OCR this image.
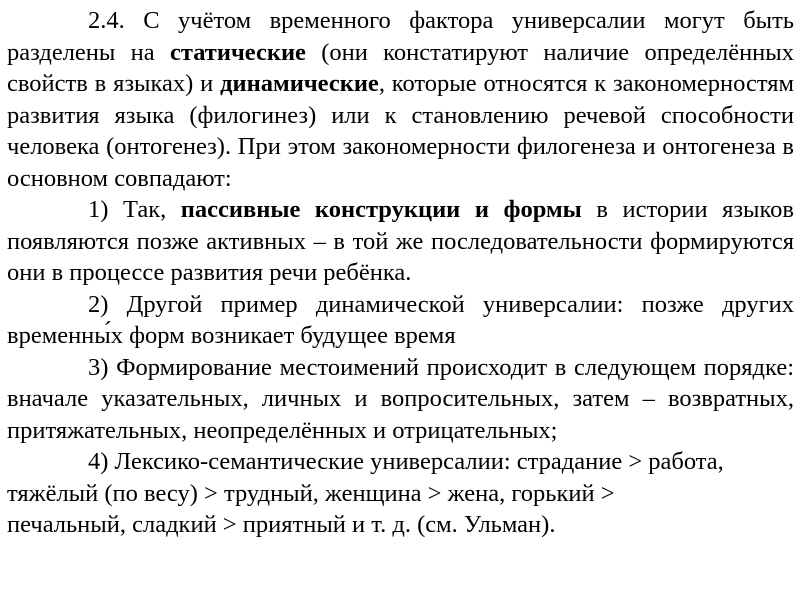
2.4. С учётом временного фактора универсалии могут быть разделены на статические (они констатируют наличие определённых свойств в языках) и динамические, которые относятся к закономерностям развития языка (филогинез) или к становлению речевой способности человека (онтогенез). При этом закономерности филогенеза и онтогенеза в основном совпадают:

1) Так, пассивные конструкции и формы в истории языков появляются позже активных – в той же последовательности формируются они в процессе развития речи ребёнка.

2) Другой пример динамической универсалии: позже других временны́х форм возникает будущее время

3) Формирование местоимений происходит в следующем порядке: вначале указательных, личных и вопросительных, затем – возвратных, притяжательных, неопределённых и отрицательных;

4) Лексико-семантические универсалии: страдание > работа,

тяжёлый (по весу) > трудный, женщина > жена, горький >
печальный, сладкий > приятный и т. д. (см. Ульман).
